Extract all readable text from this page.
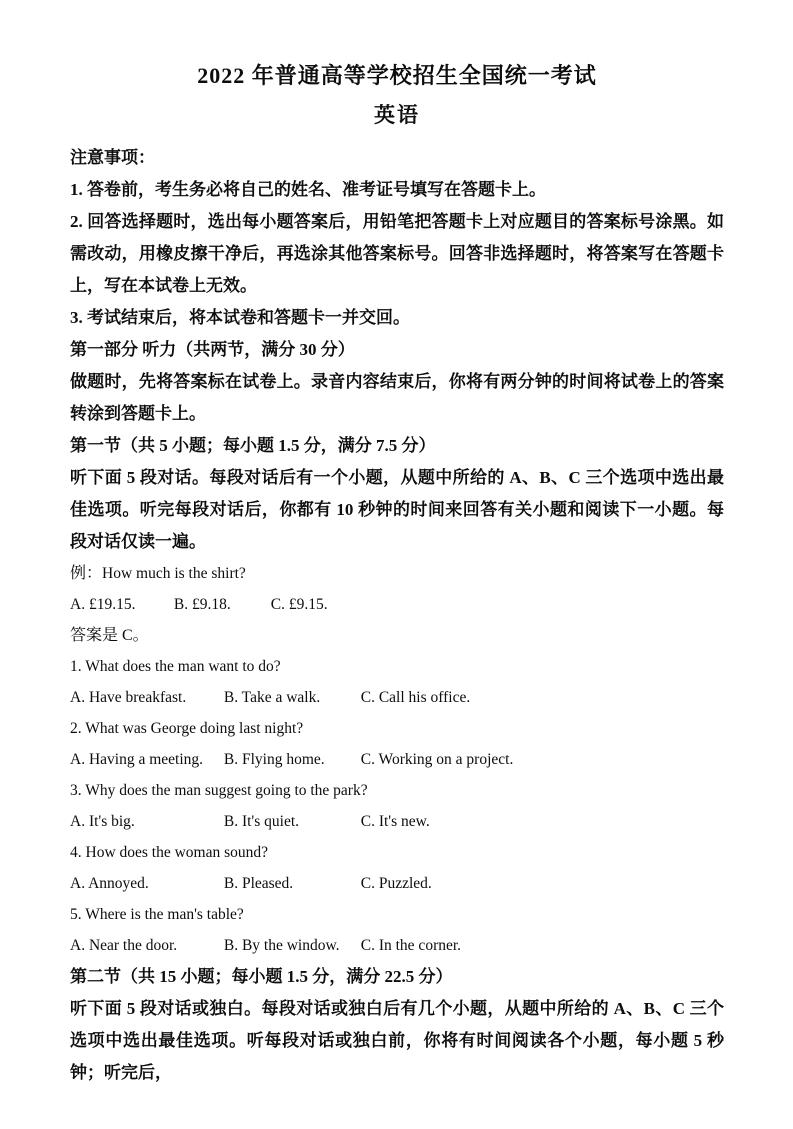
2022 年普通高等学校招生全国统一考试
英语

注意事项：

1. 答卷前，考生务必将自己的姓名、准考证号填写在答题卡上。

2. 回答选择题时，选出每小题答案后，用铅笔把答题卡上对应题目的答案标号涂黑。如需改动，用橡皮擦干净后，再选涂其他答案标号。回答非选择题时，将答案写在答题卡上，写在本试卷上无效。

3. 考试结束后，将本试卷和答题卡一并交回。

第一部分 听力（共两节，满分 30 分）

做题时，先将答案标在试卷上。录音内容结束后，你将有两分钟的时间将试卷上的答案转涂到答题卡上。

第一节（共 5 小题；每小题 1.5 分，满分 7.5 分）

听下面 5 段对话。每段对话后有一个小题，从题中所给的 A、B、C 三个选项中选出最佳选项。听完每段对话后，你都有 10 秒钟的时间来回答有关小题和阅读下一小题。每段对话仅读一遍。

例：How much is the shirt?

A. £19.15. B. £9.18.	C. £9.15.

答案是 C。

1. What does the man want to do?

A. Have breakfast. B. Take a walk.	C. Call his office.

2. What was George doing last night?

A. Having a meeting. B. Flying home. C. Working on a project.

3. Why does the man suggest going to the park?

A. It's big.	B. It's quiet.	C. It's new.

4. How does the woman sound?

A. Annoyed.	B. Pleased.	C. Puzzled.

5. Where is the man's table?

A. Near the door.	B. By the window. C. In the corner.

第二节（共 15 小题；每小题 1.5 分，满分 22.5 分）

听下面 5 段对话或独白。每段对话或独白后有几个小题，从题中所给的 A、B、C 三个选项中选出最佳选项。听每段对话或独白前，你将有时间阅读各个小题，每小题 5 秒钟；听完后，
